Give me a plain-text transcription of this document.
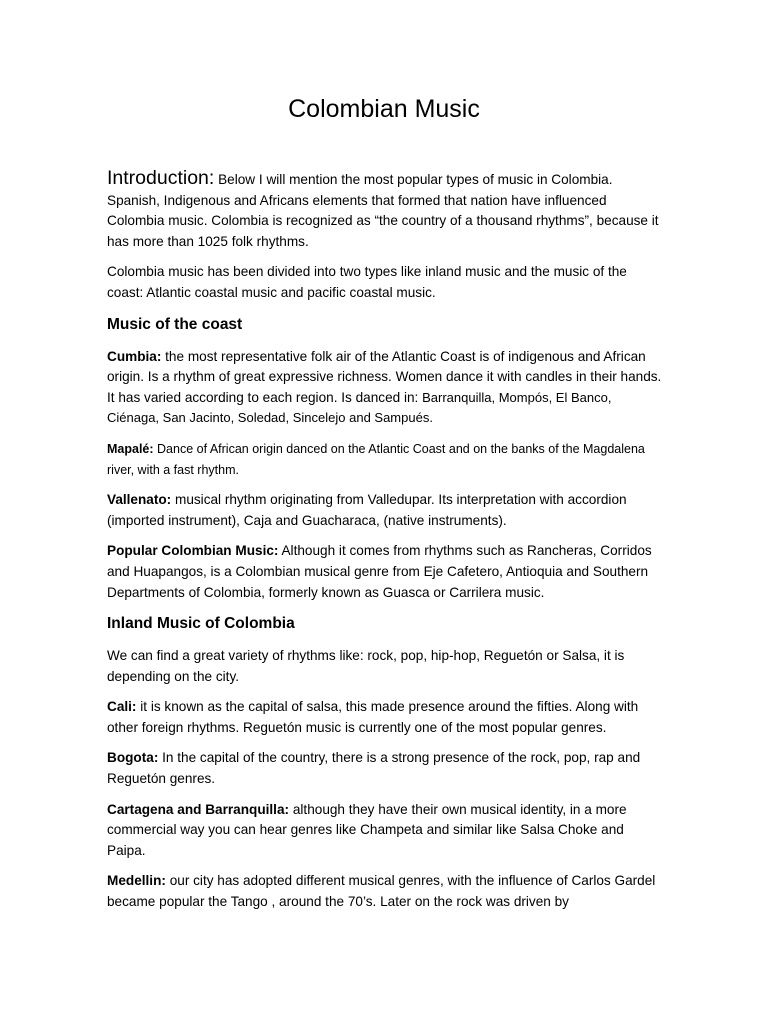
Colombian Music

Introduction: Below I will mention the most popular types of music in Colombia. Spanish, Indigenous and Africans elements that formed that nation have influenced Colombia music. Colombia is recognized as “the country of a thousand rhythms”, because it has more than 1025 folk rhythms.

Colombia music has been divided into two types like inland music and the music of the coast: Atlantic coastal music and pacific coastal music.

Music of the coast

Cumbia: the most representative folk air of the Atlantic Coast is of indigenous and African origin. Is a rhythm of great expressive richness. Women dance it with candles in their hands. It has varied according to each region. Is danced in: Barranquilla, Mompós, El Banco, Ciénaga, San Jacinto, Soledad, Sincelejo and Sampués.

Mapalé: Dance of African origin danced on the Atlantic Coast and on the banks of the Magdalena river, with a fast rhythm.

Vallenato: musical rhythm originating from Valledupar. Its interpretation with accordion (imported instrument), Caja and Guacharaca, (native instruments).

Popular Colombian Music: Although it comes from rhythms such as Rancheras, Corridos and Huapangos, is a Colombian musical genre from Eje Cafetero, Antioquia and Southern Departments of Colombia, formerly known as Guasca or Carrilera music.

Inland Music of Colombia

We can find a great variety of rhythms like: rock, pop, hip-hop, Reguetón or Salsa, it is depending on the city.

Cali: it is known as the capital of salsa, this made presence around the fifties. Along with other foreign rhythms. Reguetón music is currently one of the most popular genres.

Bogota: In the capital of the country, there is a strong presence of the rock, pop, rap and Reguetón genres.

Cartagena and Barranquilla: although they have their own musical identity, in a more commercial way you can hear genres like Champeta and similar like Salsa Choke and Paipa.

Medellin: our city has adopted different musical genres, with the influence of Carlos Gardel became popular the Tango , around the 70’s. Later on the rock was driven by
